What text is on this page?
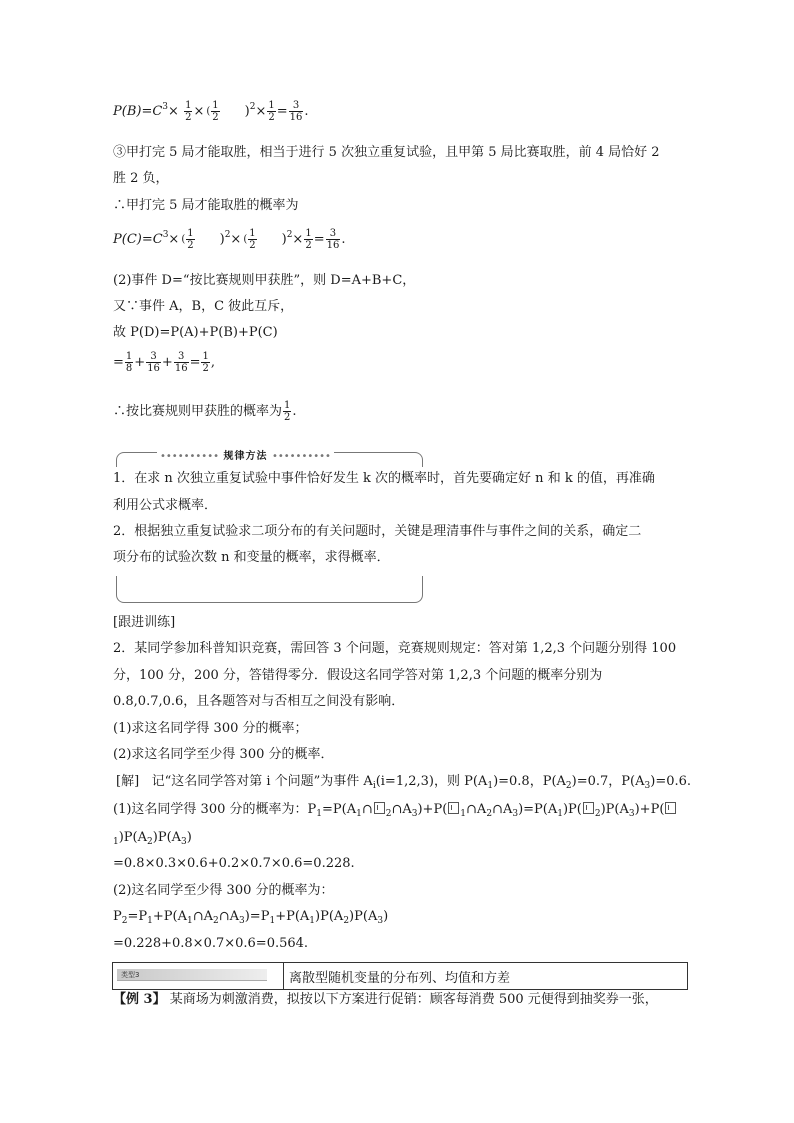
$P(B)=C^3\times \frac{1}{2}$ × ( $\frac{1}{2} )^2\times \frac{1}{2} = \frac{3}{16}$ .
③甲打完 5 局才能取胜，相当于进行 5 次独立重复试验，且甲第 5 局比赛取胜，前 4 局恰好 2
胜 2 负，
∴甲打完 5 局才能取胜的概率为
$P(C)=C^3\times$ ( $\frac{1}{2} )^2\times$ ( $\frac{1}{2} )^2\times \frac{1}{2} = \frac{3}{16}$ .
(2)事件 D=“按比赛规则甲获胜”，则 D=A+B+C，
又∵事件 A，B，C 彼此互斥，
故 P(D)=P(A)+P(B)+P(C)
= $\frac{1}{8} + \frac{3}{16} + \frac{3}{16} = \frac{1}{2}$ ,
∴按比赛规则甲获胜的概率为 $\frac{1}{2}$ .
•••••••••• 规律方法 ••••••••••
1．在求 n 次独立重复试验中事件恰好发生 k 次的概率时，首先要确定好 n 和 k 的值，再准确
利用公式求概率．
2．根据独立重复试验求二项分布的有关问题时，关键是理清事件与事件之间的关系，确定二
项分布的试验次数 n 和变量的概率，求得概率．
[跟进训练]
2．某同学参加科普知识竞赛，需回答 3 个问题，竞赛规则规定：答对第 1,2,3 个问题分别得 100
分，100 分，200 分，答错得零分．假设这名同学答对第 1,2,3 个问题的概率分别为
0.8,0.7,0.6，且各题答对与否相互之间没有影响．
(1)求这名同学得 300 分的概率；
(2)求这名同学至少得 300 分的概率．
[解] 记“这名同学答对第 i 个问题”为事件 $A_i(i=1,2,3)$，则 $P(A_1)=0.8$，$P(A_2)=0.7$，$P(A_3)=0.6$.
(1)这名同学得 300 分的概率为：$P_1=P(A_1\cap$ $_2\cap A_3)+P$( $_1\cap A_2\cap A_3)=P(A_1)P$( $_2)P(A_3)+P$(
$_1)P(A_2)P(A_3)$
=0.8×0.3×0.6+0.2×0.7×0.6=0.228.
(2)这名同学至少得 300 分的概率为：
$P_2=P_1+P(A_1\cap A_2\cap A_3)=P_1+P(A_1)P(A_2)P(A_3)$
=0.228+0.8×0.7×0.6=0.564.
类型3	离散型随机变量的分布列、均值和方差
【例 3】 某商场为刺激消费，拟按以下方案进行促销：顾客每消费 500 元便得到抽奖券一张，
